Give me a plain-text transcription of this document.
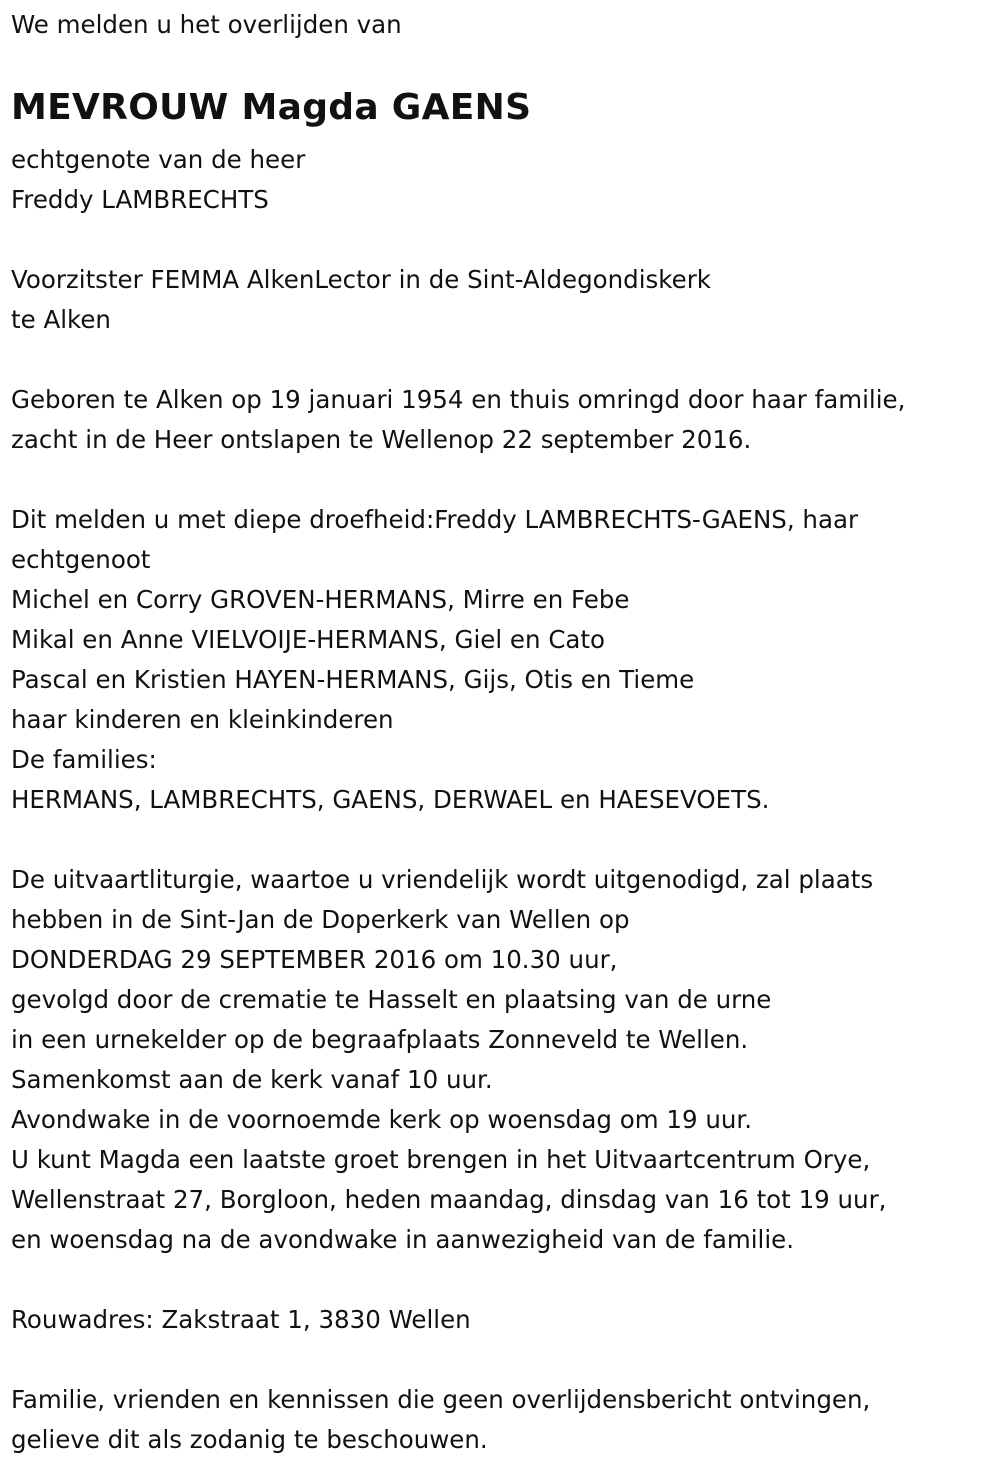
We melden u het overlijden van
MEVROUW Magda GAENS
echtgenote van de heer
Freddy LAMBRECHTS
Voorzitster FEMMA AlkenLector in de Sint-Aldegondiskerk
te Alken
Geboren te Alken op 19 januari 1954 en thuis omringd door haar familie,
zacht in de Heer ontslapen te Wellenop 22 september 2016.
Dit melden u met diepe droefheid:Freddy LAMBRECHTS-GAENS, haar
echtgenoot
Michel en Corry GROVEN-HERMANS, Mirre en Febe
Mikal en Anne VIELVOIJE-HERMANS, Giel en Cato
Pascal en Kristien HAYEN-HERMANS, Gijs, Otis en Tieme
haar kinderen en kleinkinderen
De families:
HERMANS, LAMBRECHTS, GAENS, DERWAEL en HAESEVOETS.
De uitvaartliturgie, waartoe u vriendelijk wordt uitgenodigd, zal plaats
hebben in de Sint-Jan de Doperkerk van Wellen op
DONDERDAG 29 SEPTEMBER 2016 om 10.30 uur,
gevolgd door de crematie te Hasselt en plaatsing van de urne
in een urnekelder op de begraafplaats Zonneveld te Wellen.
Samenkomst aan de kerk vanaf 10 uur.
Avondwake in de voornoemde kerk op woensdag om 19 uur.
U kunt Magda een laatste groet brengen in het Uitvaartcentrum Orye,
Wellenstraat 27, Borgloon, heden maandag, dinsdag van 16 tot 19 uur,
en woensdag na de avondwake in aanwezigheid van de familie.
Rouwadres: Zakstraat 1, 3830 Wellen
Familie, vrienden en kennissen die geen overlijdensbericht ontvingen,
gelieve dit als zodanig te beschouwen.
